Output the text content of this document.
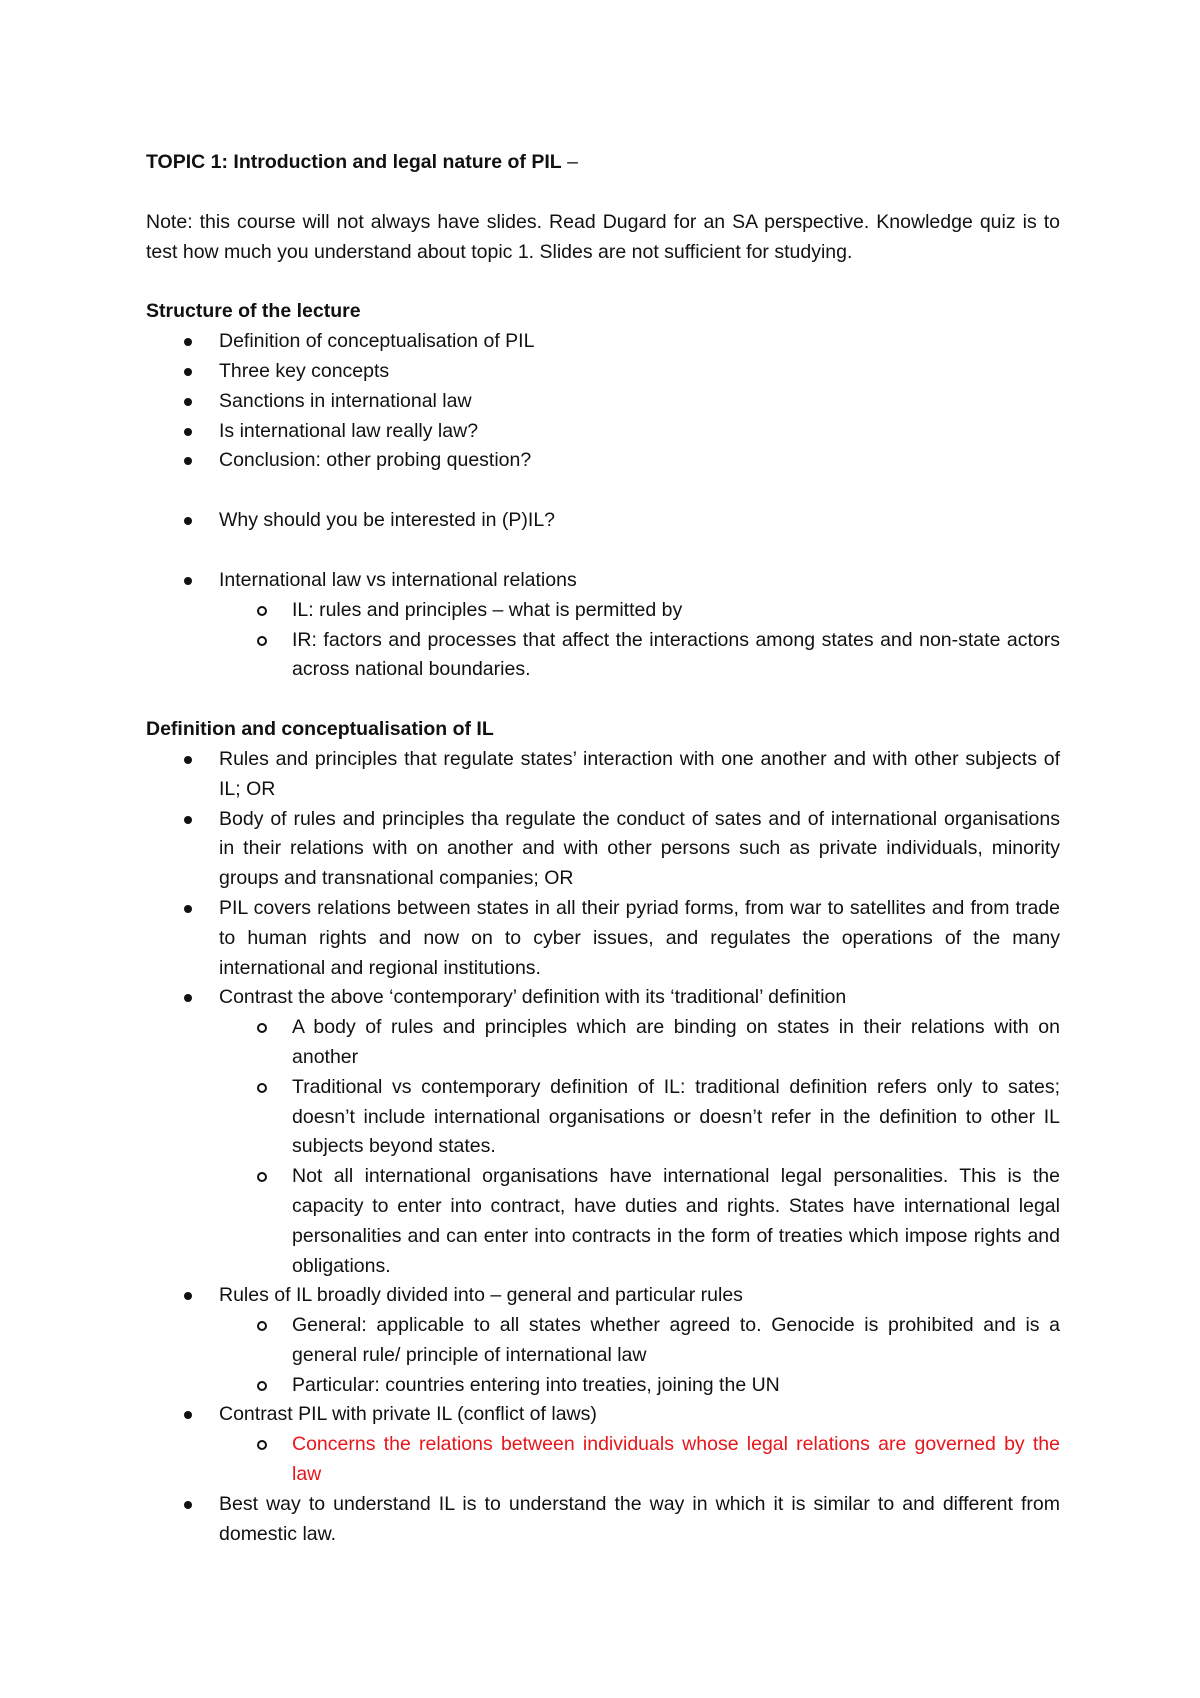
TOPIC 1: Introduction and legal nature of PIL –

Note: this course will not always have slides. Read Dugard for an SA perspective. Knowledge quiz is to test how much you understand about topic 1. Slides are not sufficient for studying.

Structure of the lecture
Definition of conceptualisation of PIL
Three key concepts
Sanctions in international law
Is international law really law?
Conclusion: other probing question?
Why should you be interested in (P)IL?
International law vs international relations
IL: rules and principles – what is permitted by
IR: factors and processes that affect the interactions among states and non-state actors across national boundaries.
Definition and conceptualisation of IL
Rules and principles that regulate states’ interaction with one another and with other subjects of IL; OR
Body of rules and principles tha regulate the conduct of sates and of international organisations in their relations with on another and with other persons such as private individuals, minority groups and transnational companies; OR
PIL covers relations between states in all their pyriad forms, from war to satellites and from trade to human rights and now on to cyber issues, and regulates the operations of the many international and regional institutions.
Contrast the above ‘contemporary’ definition with its ‘traditional’ definition
A body of rules and principles which are binding on states in their relations with on another
Traditional vs contemporary definition of IL: traditional definition refers only to sates; doesn’t include international organisations or doesn’t refer in the definition to other IL subjects beyond states.
Not all international organisations have international legal personalities. This is the capacity to enter into contract, have duties and rights. States have international legal personalities and can enter into contracts in the form of treaties which impose rights and obligations.
Rules of IL broadly divided into – general and particular rules
General: applicable to all states whether agreed to. Genocide is prohibited and is a general rule/ principle of international law
Particular: countries entering into treaties, joining the UN
Contrast PIL with private IL (conflict of laws)
Concerns the relations between individuals whose legal relations are governed by the law
Best way to understand IL is to understand the way in which it is similar to and different from domestic law.
